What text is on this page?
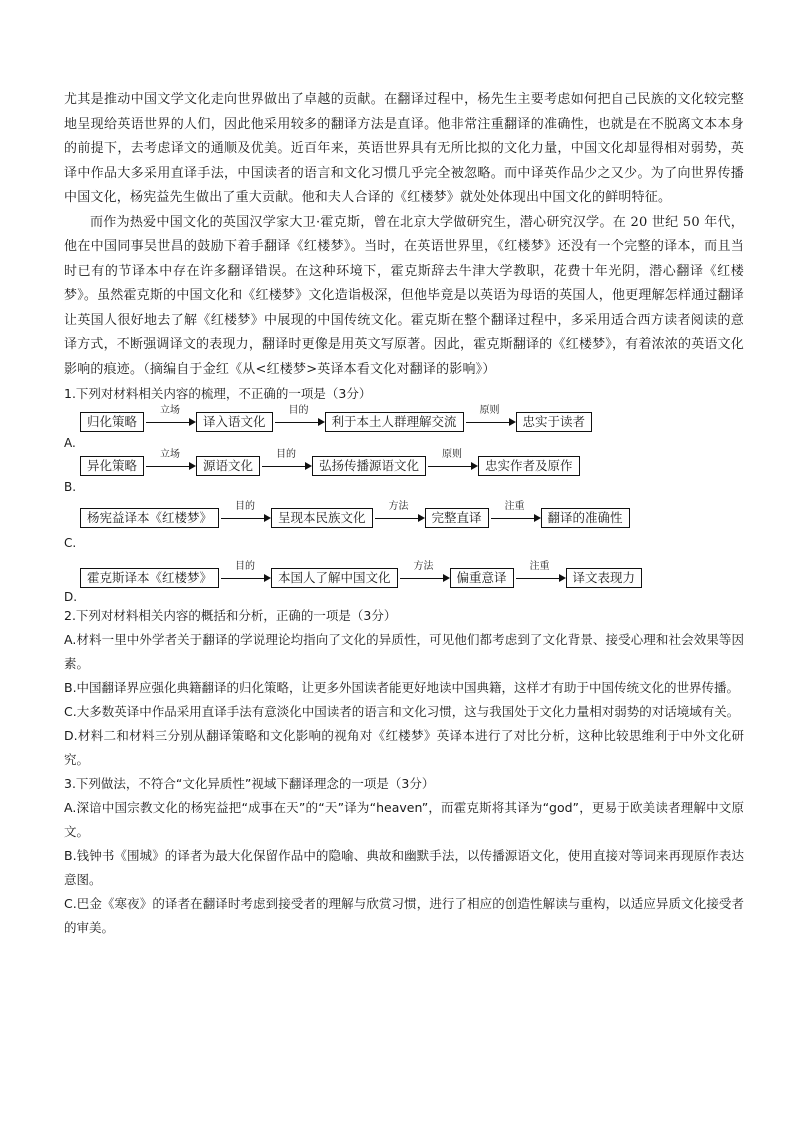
尤其是推动中国文学文化走向世界做出了卓越的贡献。在翻译过程中，杨先生主要考虑如何把自己民族的文化较完整地呈现给英语世界的人们，因此他采用较多的翻译方法是直译。他非常注重翻译的准确性，也就是在不脱离文本本身的前提下，去考虑译文的通顺及优美。近百年来，英语世界具有无所比拟的文化力量，中国文化却显得相对弱势，英译中作品大多采用直译手法，中国读者的语言和文化习惯几乎完全被忽略。而中译英作品少之又少。为了向世界传播中国文化，杨宪益先生做出了重大贡献。他和夫人合译的《红楼梦》就处处体现出中国文化的鲜明特征。

而作为热爱中国文化的英国汉学家大卫·霍克斯，曾在北京大学做研究生，潜心研究汉学。在 20 世纪 50 年代，他在中国同事吴世昌的鼓励下着手翻译《红楼梦》。当时，在英语世界里，《红楼梦》还没有一个完整的译本，而且当时已有的节译本中存在许多翻译错误。在这种环境下，霍克斯辞去牛津大学教职，花费十年光阴，潜心翻译《红楼梦》。虽然霍克斯的中国文化和《红楼梦》文化造诣极深，但他毕竟是以英语为母语的英国人，他更理解怎样通过翻译让英国人很好地去了解《红楼梦》中展现的中国传统文化。霍克斯在整个翻译过程中，多采用适合西方读者阅读的意译方式，不断强调译文的表现力，翻译时更像是用英文写原著。因此，霍克斯翻译的《红楼梦》，有着浓浓的英语文化影响的痕迹。（摘编自于金红《从<红楼梦>英译本看文化对翻译的影响》）

1.下列对材料相关内容的梳理，不正确的一项是（3分）

A.
归化策略
立场
译入语文化
目的
利于本土人群理解交流
原则
忠实于读者
B.
异化策略
立场
源语文化
目的
弘扬传播源语文化
原则
忠实作者及原作
C.
杨宪益译本《红楼梦》
目的
呈现本民族文化
方法
完整直译
注重
翻译的准确性
D.
霍克斯译本《红楼梦》
目的
本国人了解中国文化
方法
偏重意译
注重
译文表现力

2.下列对材料相关内容的概括和分析，正确的一项是（3分）

A.材料一里中外学者关于翻译的学说理论均指向了文化的异质性，可见他们都考虑到了文化背景、接受心理和社会效果等因素。

B.中国翻译界应强化典籍翻译的归化策略，让更多外国读者能更好地读中国典籍，这样才有助于中国传统文化的世界传播。

C.大多数英译中作品采用直译手法有意淡化中国读者的语言和文化习惯，这与我国处于文化力量相对弱势的对话境域有关。

D.材料二和材料三分别从翻译策略和文化影响的视角对《红楼梦》英译本进行了对比分析，这种比较思维利于中外文化研究。

3.下列做法，不符合“文化异质性”视域下翻译理念的一项是（3分）

A.深谙中国宗教文化的杨宪益把“成事在天”的“天”译为“heaven”，而霍克斯将其译为“god”，更易于欧美读者理解中文原文。

B.钱钟书《围城》的译者为最大化保留作品中的隐喻、典故和幽默手法，以传播源语文化，使用直接对等词来再现原作表达意图。

C.巴金《寒夜》的译者在翻译时考虑到接受者的理解与欣赏习惯，进行了相应的创造性解读与重构，以适应异质文化接受者的审美。
